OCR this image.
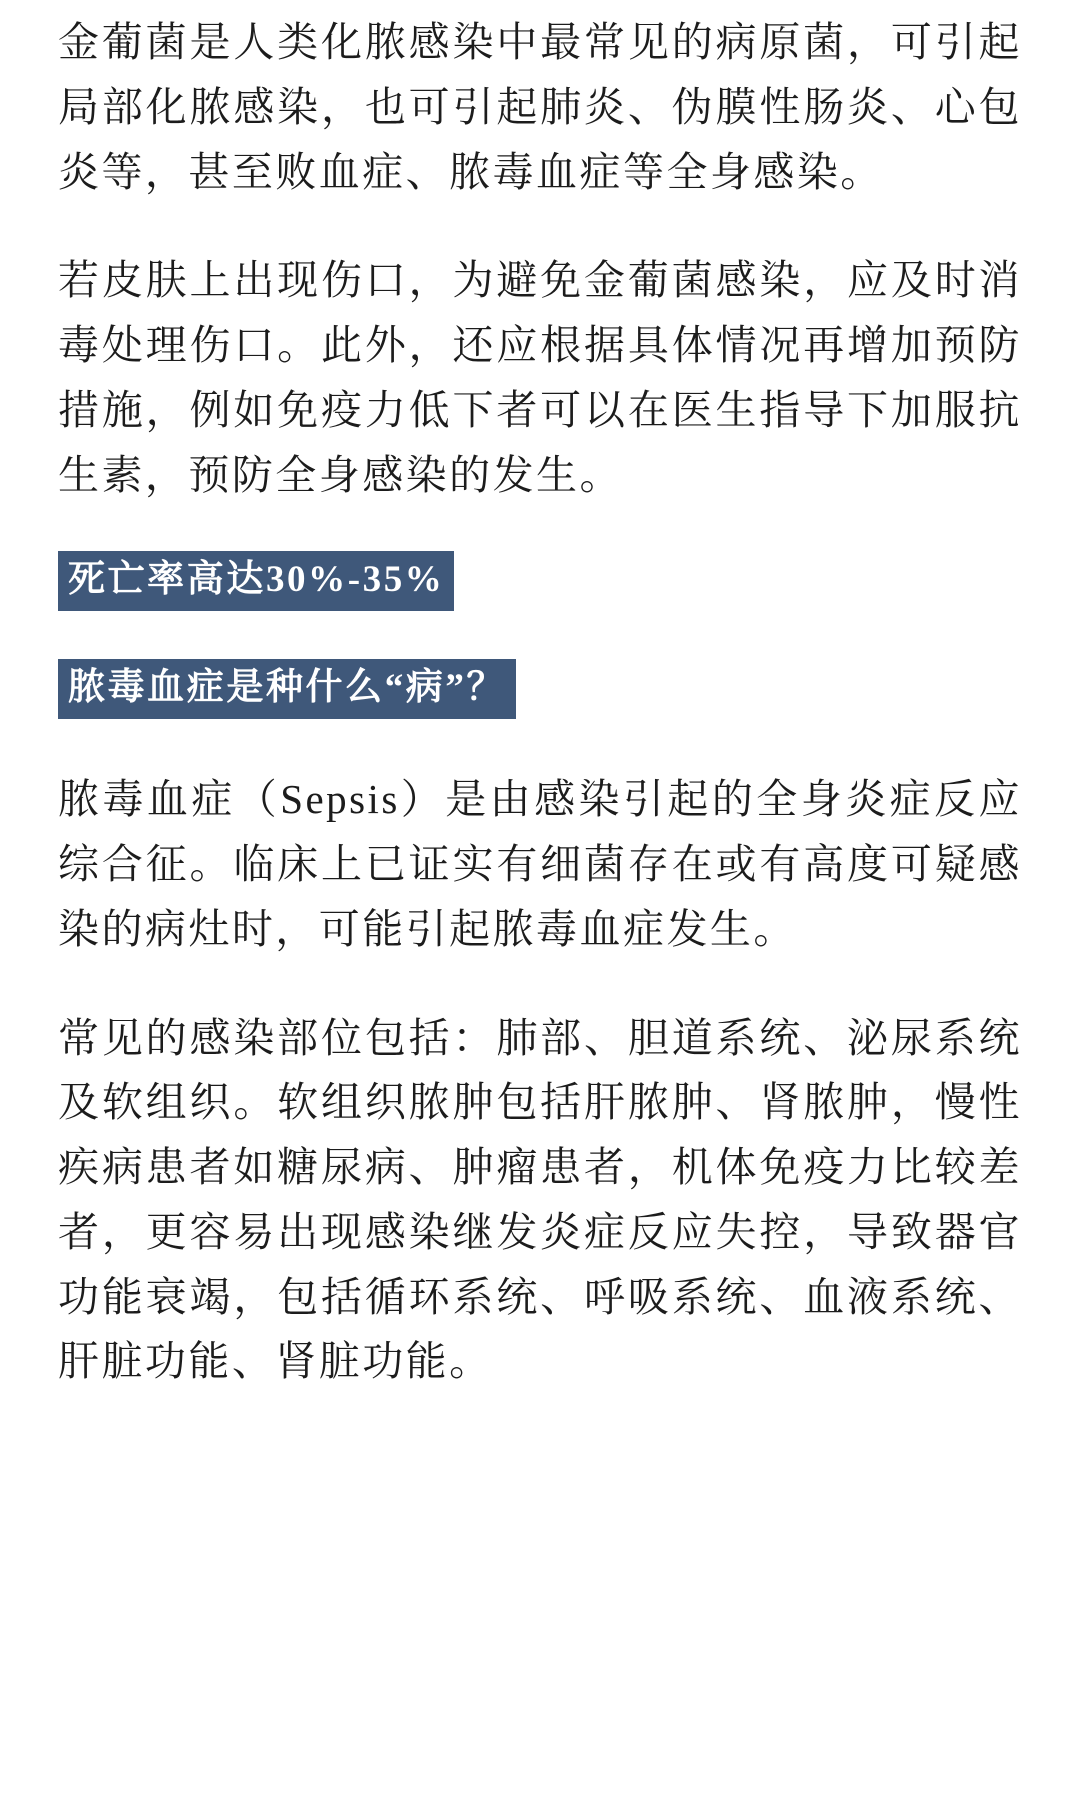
金葡菌是人类化脓感染中最常见的病原菌，可引起局部化脓感染，也可引起肺炎、伪膜性肠炎、心包炎等，甚至败血症、脓毒血症等全身感染。

若皮肤上出现伤口，为避免金葡菌感染，应及时消毒处理伤口。此外，还应根据具体情况再增加预防措施，例如免疫力低下者可以在医生指导下加服抗生素，预防全身感染的发生。

死亡率高达30%-35%
脓毒血症是种什么“病”？

脓毒血症（Sepsis）是由感染引起的全身炎症反应综合征。临床上已证实有细菌存在或有高度可疑感染的病灶时，可能引起脓毒血症发生。

常见的感染部位包括：肺部、胆道系统、泌尿系统及软组织。软组织脓肿包括肝脓肿、肾脓肿，慢性疾病患者如糖尿病、肿瘤患者，机体免疫力比较差者，更容易出现感染继发炎症反应失控，导致器官功能衰竭，包括循环系统、呼吸系统、血液系统、肝脏功能、肾脏功能。
